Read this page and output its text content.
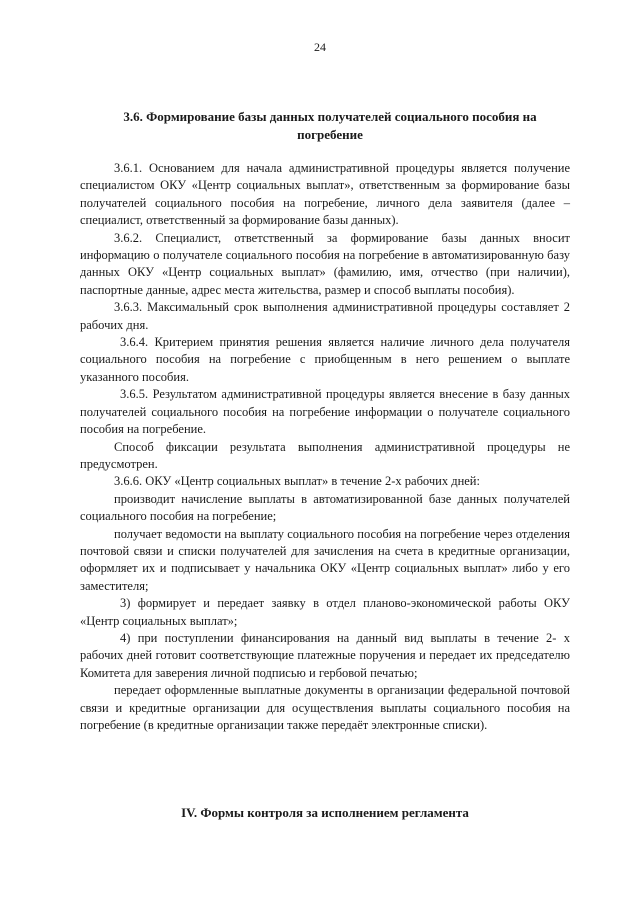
24
3.6. Формирование базы данных получателей социального пособия на погребение

3.6.1. Основанием для начала административной процедуры является получение специалистом ОКУ «Центр социальных выплат», ответственным за формирование базы получателей социального пособия на погребение, личного дела заявителя (далее – специалист, ответственный за формирование базы данных).

3.6.2. Специалист, ответственный за формирование базы данных вносит информацию о получателе социального пособия на погребение в автоматизированную базу данных ОКУ «Центр социальных выплат» (фамилию, имя, отчество (при наличии), паспортные данные, адрес места жительства, размер и способ выплаты пособия).

3.6.3. Максимальный срок выполнения административной процедуры составляет 2 рабочих дня.

3.6.4. Критерием принятия решения является наличие личного дела получателя социального пособия на погребение с приобщенным в него решением о выплате указанного пособия.

3.6.5. Результатом административной процедуры является внесение в базу данных получателей социального пособия на погребение информации о получателе социального пособия на погребение.

Способ фиксации результата выполнения административной процедуры не предусмотрен.

3.6.6. ОКУ «Центр социальных выплат» в течение 2-х рабочих дней:

производит начисление выплаты в автоматизированной базе данных получателей социального пособия на погребение;

получает ведомости на выплату социального пособия на погребение через отделения почтовой связи и списки получателей для зачисления на счета в кредитные организации, оформляет их и подписывает у начальника ОКУ «Центр социальных выплат» либо у его заместителя;

3) формирует и передает заявку в отдел планово-экономической работы ОКУ «Центр социальных выплат»;

4) при поступлении финансирования на данный вид выплаты в течение 2- х рабочих дней готовит соответствующие платежные поручения и передает их председателю Комитета для заверения личной подписью и гербовой печатью;

передает оформленные выплатные документы в организации федеральной почтовой связи и кредитные организации для осуществления выплаты социального пособия на погребение (в кредитные организации также передаёт электронные списки).

IV. Формы контроля за исполнением регламента
